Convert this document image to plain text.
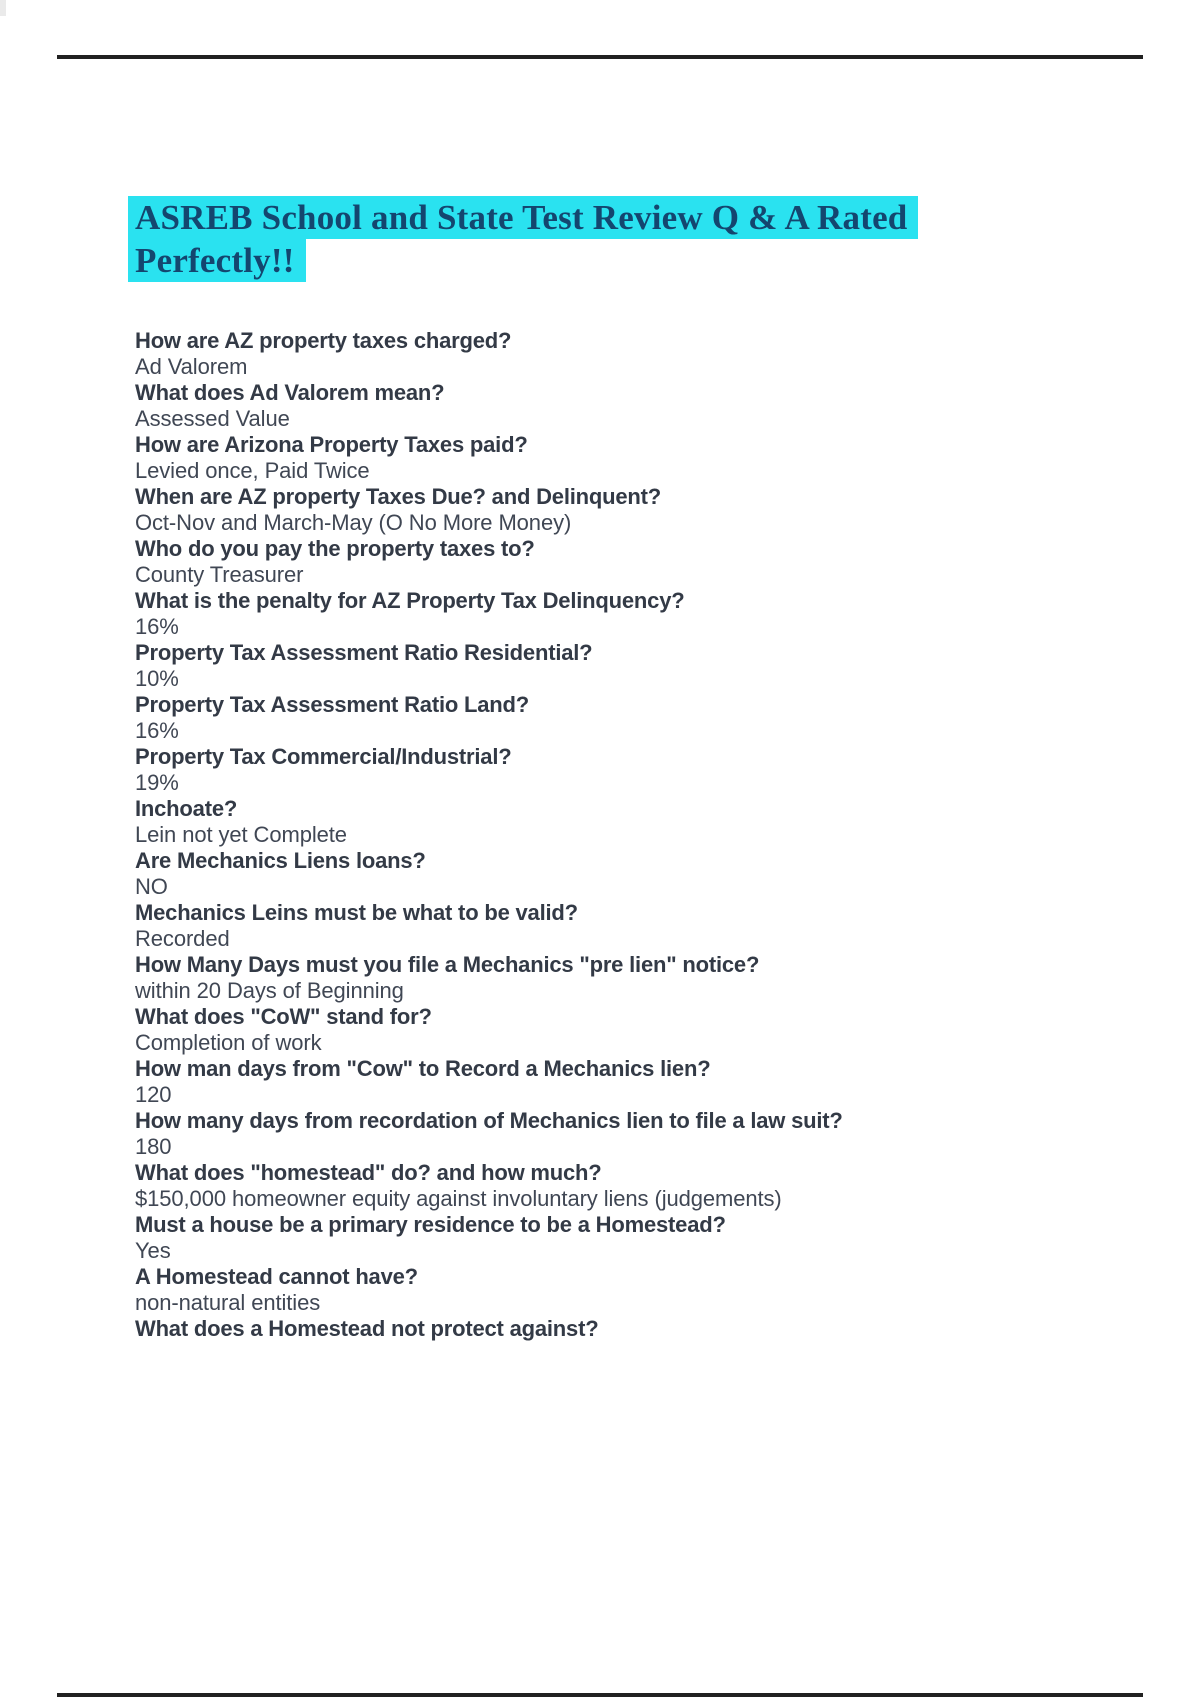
ASREB School and State Test Review Q & A Rated
Perfectly!!
How are AZ property taxes charged?
Ad Valorem
What does Ad Valorem mean?
Assessed Value
How are Arizona Property Taxes paid?
Levied once, Paid Twice
When are AZ property Taxes Due? and Delinquent?
Oct-Nov and March-May (O No More Money)
Who do you pay the property taxes to?
County Treasurer
What is the penalty for AZ Property Tax Delinquency?
16%
Property Tax Assessment Ratio Residential?
10%
Property Tax Assessment Ratio Land?
16%
Property Tax Commercial/Industrial?
19%
Inchoate?
Lein not yet Complete
Are Mechanics Liens loans?
NO
Mechanics Leins must be what to be valid?
Recorded
How Many Days must you file a Mechanics "pre lien" notice?
within 20 Days of Beginning
What does "CoW" stand for?
Completion of work
How man days from "Cow" to Record a Mechanics lien?
120
How many days from recordation of Mechanics lien to file a law suit?
180
What does "homestead" do? and how much?
$150,000 homeowner equity against involuntary liens (judgements)
Must a house be a primary residence to be a Homestead?
Yes
A Homestead cannot have?
non-natural entities
What does a Homestead not protect against?
